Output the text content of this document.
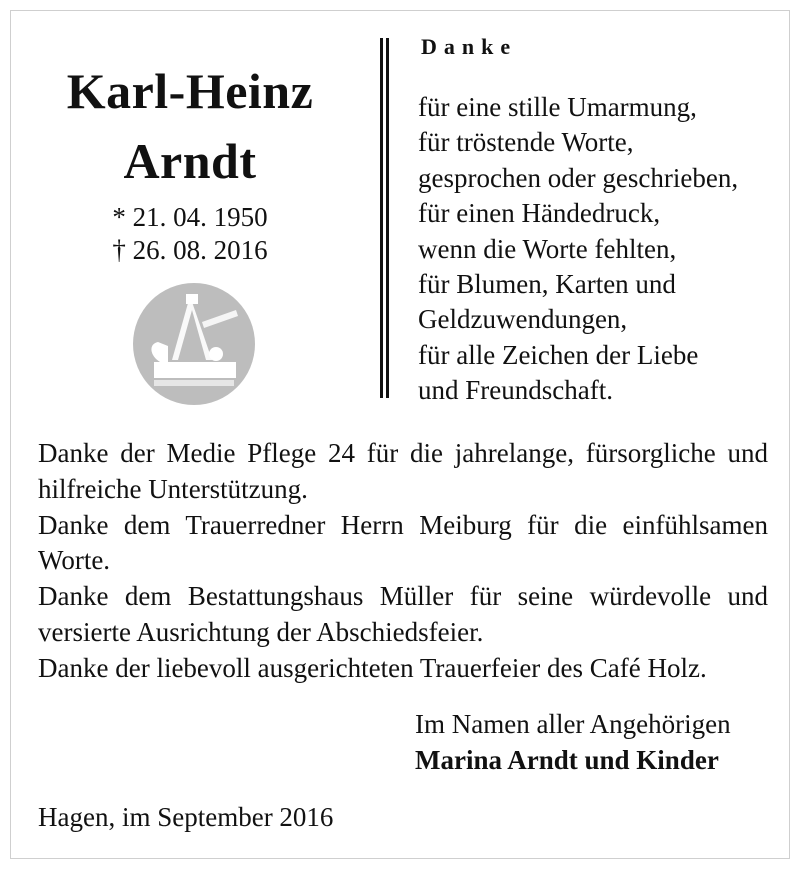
Karl-Heinz
Arndt
* 21. 04. 1950
† 26. 08. 2016
Danke
für eine stille Umarmung,
für tröstende Worte,
gesprochen oder geschrieben,
für einen Händedruck,
wenn die Worte fehlten,
für Blumen, Karten und
Geldzuwendungen,
für alle Zeichen der Liebe
und Freundschaft.

Danke der Medie Pflege 24 für die jahrelange, fürsorgliche und hilfreiche Unterstützung.

Danke dem Trauerredner Herrn Meiburg für die einfühlsamen Worte.

Danke dem Bestattungshaus Müller für seine würdevolle und versierte Ausrichtung der Abschiedsfeier.

Danke der liebevoll ausgerichteten Trauerfeier des Café Holz.

Im Namen aller Angehörigen
Marina Arndt und Kinder
Hagen, im September 2016
